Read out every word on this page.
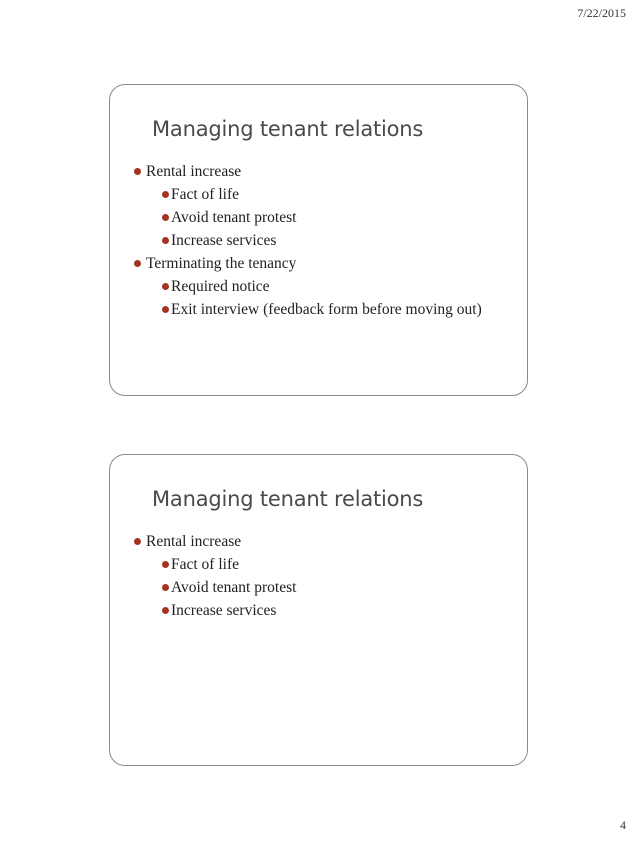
7/22/2015
Managing tenant relations
Rental increase
Fact of life
Avoid tenant protest
Increase services
Terminating the tenancy
Required notice
Exit interview (feedback form before moving out)
Managing tenant relations
Rental increase
Fact of life
Avoid tenant protest
Increase services
4
